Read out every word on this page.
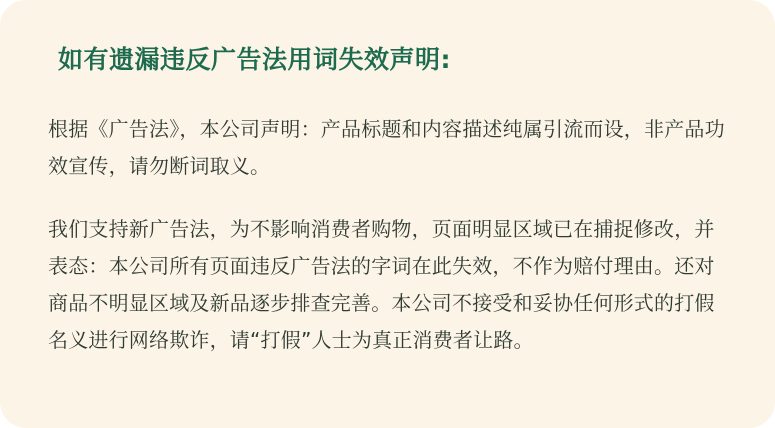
如有遗漏违反广告法用词失效声明:

根据《广告法》，本公司声明：产品标题和内容描述纯属引流而设，非产品功效宣传，请勿断词取义。

我们支持新广告法，为不影响消费者购物，页面明显区域已在捕捉修改，并表态：本公司所有页面违反广告法的字词在此失效，不作为赔付理由。还对商品不明显区域及新品逐步排查完善。本公司不接受和妥协任何形式的打假名义进行网络欺诈，请“打假”人士为真正消费者让路。
